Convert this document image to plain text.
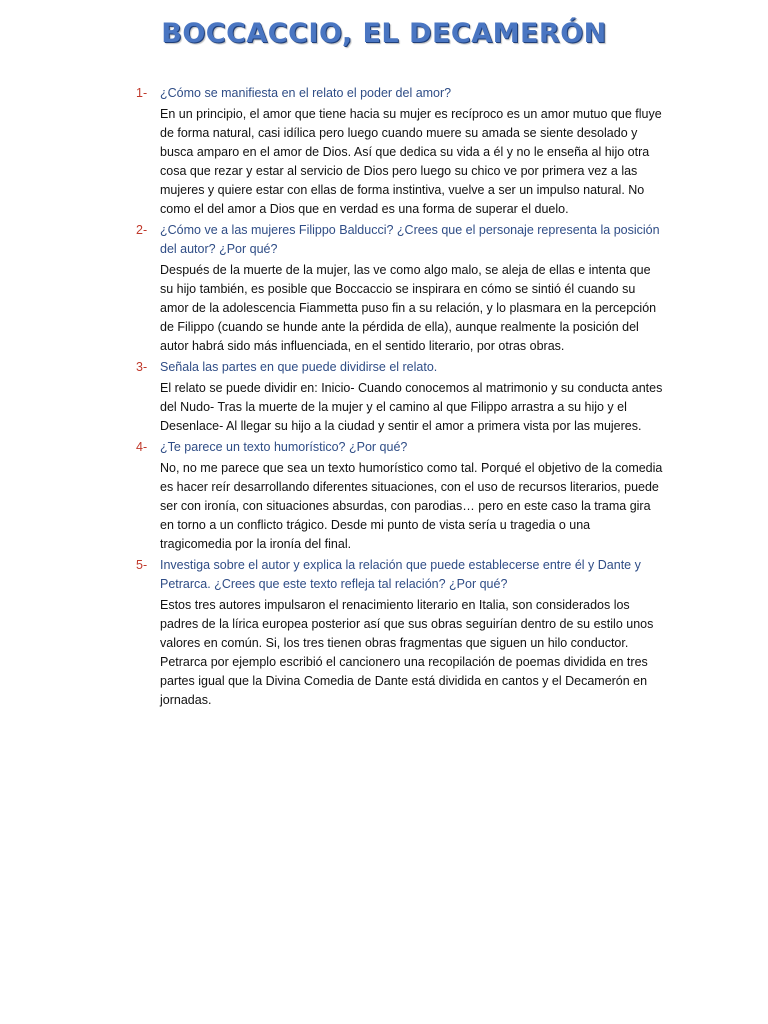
BOCCACCIO, EL DECAMERÓN
1- ¿Cómo se manifiesta en el relato el poder del amor?

En un principio, el amor que tiene hacia su mujer es recíproco es un amor mutuo que fluye de forma natural, casi idílica pero luego cuando muere su amada se siente desolado y busca amparo en el amor de Dios. Así que dedica su vida a él y no le enseña al hijo otra cosa que rezar y estar al servicio de Dios pero luego su chico ve por primera vez a las mujeres y quiere estar con ellas de forma instintiva, vuelve a ser un impulso natural. No como el del amor a Dios que en verdad es una forma de superar el duelo.

2- ¿Cómo ve a las mujeres Filippo Balducci? ¿Crees que el personaje representa la posición del autor? ¿Por qué?

Después de la muerte de la mujer, las ve como algo malo, se aleja de ellas e intenta que su hijo también, es posible que Boccaccio se inspirara en cómo se sintió él cuando su amor de la adolescencia Fiammetta puso fin a su relación, y lo plasmara en la percepción de Filippo (cuando se hunde ante la pérdida de ella), aunque realmente la posición del autor habrá sido más influenciada, en el sentido literario, por otras obras.

3- Señala las partes en que puede dividirse el relato.

El relato se puede dividir en: Inicio- Cuando conocemos al matrimonio y su conducta antes del Nudo- Tras la muerte de la mujer y el camino al que Filippo arrastra a su hijo y el Desenlace- Al llegar su hijo a la ciudad y sentir el amor a primera vista por las mujeres.

4- ¿Te parece un texto humorístico? ¿Por qué?

No, no me parece que sea un texto humorístico como tal. Porqué el objetivo de la comedia es hacer reír desarrollando diferentes situaciones, con el uso de recursos literarios, puede ser con ironía, con situaciones absurdas, con parodias… pero en este caso la trama gira en torno a un conflicto trágico. Desde mi punto de vista sería u tragedia o una tragicomedia por la ironía del final.

5- Investiga sobre el autor y explica la relación que puede establecerse entre él y Dante y Petrarca. ¿Crees que este texto refleja tal relación? ¿Por qué?

Estos tres autores impulsaron el renacimiento literario en Italia, son considerados los padres de la lírica europea posterior así que sus obras seguirían dentro de su estilo unos valores en común. Si, los tres tienen obras fragmentas que siguen un hilo conductor. Petrarca por ejemplo escribió el cancionero una recopilación de poemas dividida en tres partes igual que la Divina Comedia de Dante está dividida en cantos y el Decamerón en jornadas.
